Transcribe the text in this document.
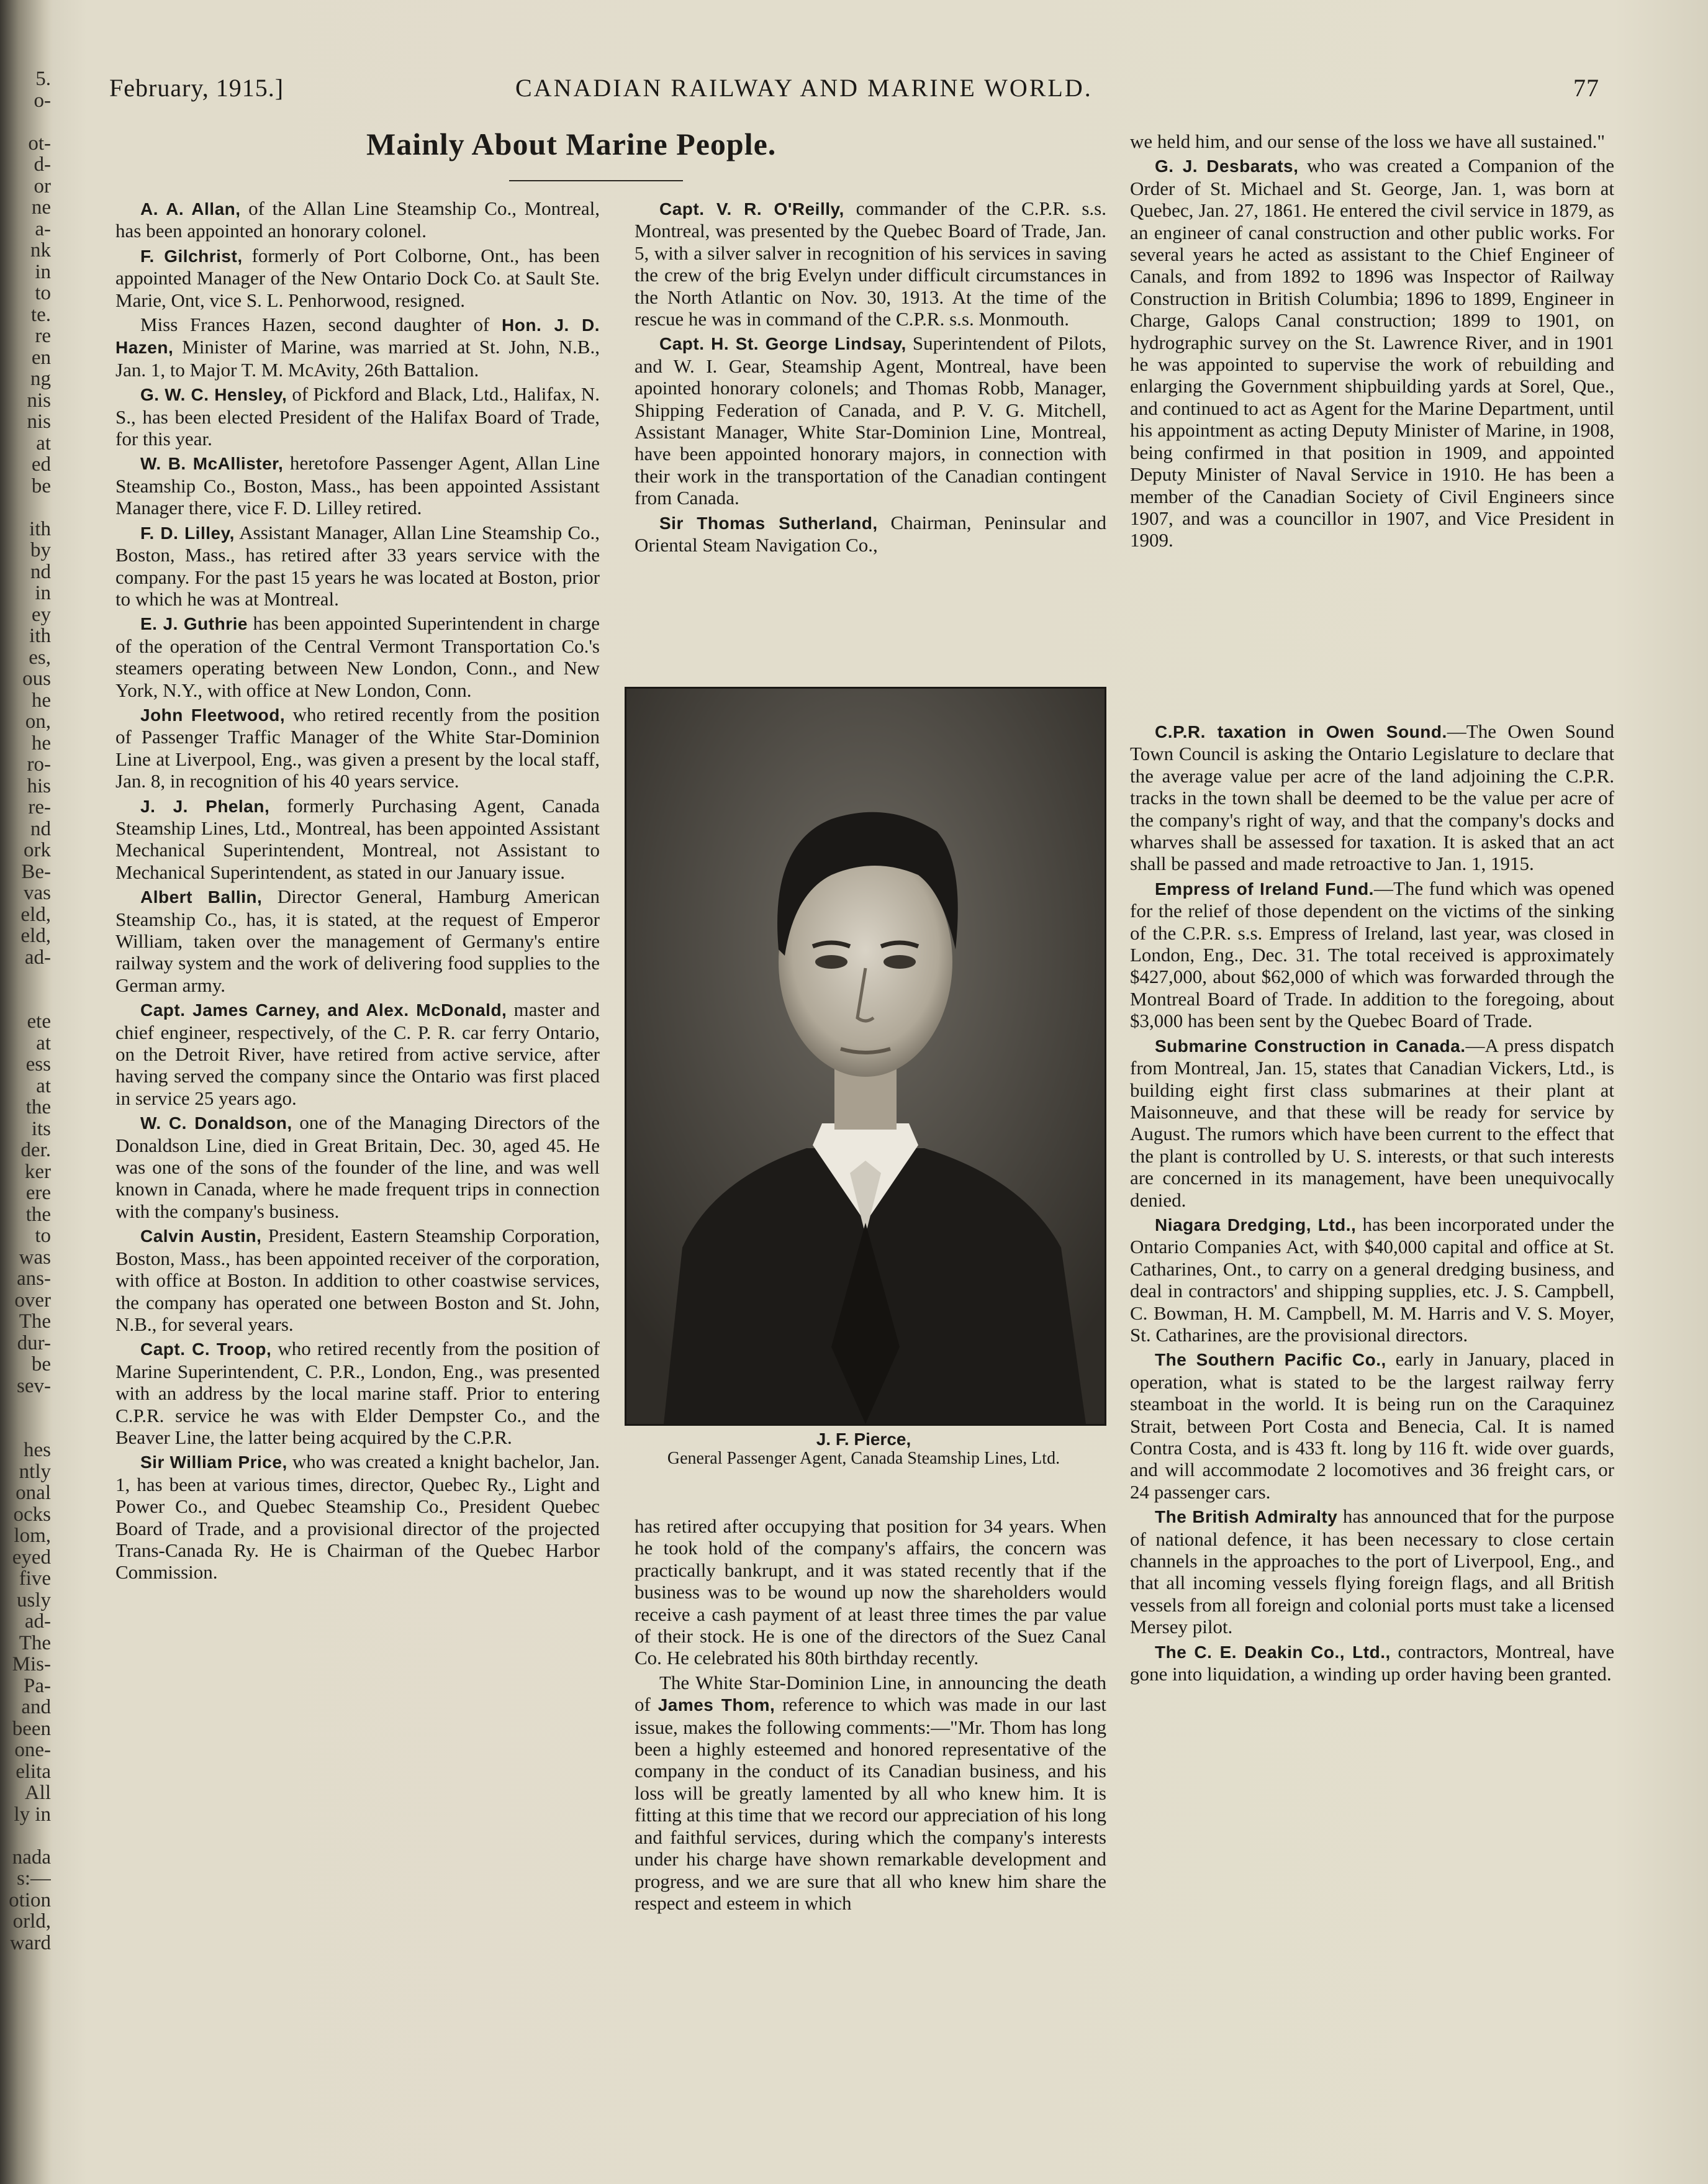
5.
o-
ot-
d-
or
ne
a-
nk
in
to
te.
re
en
ng
nis
nis
at
ed
be
ith
by
nd
in
ey
ith
es,
ous
he
on,
he
ro-
his
re-
nd
ork
Be-
vas
eld,
eld,
ad-
ete
at
ess
at
the
its
der.
ker
ere
the
to
was
ans-
over
The
dur-
be
sev-
hes
ntly
onal
ocks
lom,
eyed
five
usly
ad-
The
Mis-
Pa-
and
been
one-
elita
All
ly in
nada
s:—
otion
orld,
ward
February, 1915.]	CANADIAN RAILWAY AND MARINE WORLD.	77
Mainly About Marine People.

A. A. Allan, of the Allan Line Steamship Co., Montreal, has been appointed an honorary colonel.

F. Gilchrist, formerly of Port Colborne, Ont., has been appointed Manager of the New Ontario Dock Co. at Sault Ste. Marie, Ont, vice S. L. Penhorwood, resigned.

Miss Frances Hazen, second daughter of Hon. J. D. Hazen, Minister of Marine, was married at St. John, N.B., Jan. 1, to Major T. M. McAvity, 26th Battalion.

G. W. C. Hensley, of Pickford and Black, Ltd., Halifax, N. S., has been elected President of the Halifax Board of Trade, for this year.

W. B. McAllister, heretofore Passenger Agent, Allan Line Steamship Co., Boston, Mass., has been appointed Assistant Manager there, vice F. D. Lilley retired.

F. D. Lilley, Assistant Manager, Allan Line Steamship Co., Boston, Mass., has retired after 33 years service with the company. For the past 15 years he was located at Boston, prior to which he was at Montreal.

E. J. Guthrie has been appointed Superintendent in charge of the operation of the Central Vermont Transportation Co.'s steamers operating between New London, Conn., and New York, N.Y., with office at New London, Conn.

John Fleetwood, who retired recently from the position of Passenger Traffic Manager of the White Star-Dominion Line at Liverpool, Eng., was given a present by the local staff, Jan. 8, in recognition of his 40 years service.

J. J. Phelan, formerly Purchasing Agent, Canada Steamship Lines, Ltd., Montreal, has been appointed Assistant Mechanical Superintendent, Montreal, not Assistant to Mechanical Superintendent, as stated in our January issue.

Albert Ballin, Director General, Hamburg American Steamship Co., has, it is stated, at the request of Emperor William, taken over the management of Germany's entire railway system and the work of delivering food supplies to the German army.

Capt. James Carney, and Alex. McDonald, master and chief engineer, respectively, of the C. P. R. car ferry Ontario, on the Detroit River, have retired from active service, after having served the company since the Ontario was first placed in service 25 years ago.

W. C. Donaldson, one of the Managing Directors of the Donaldson Line, died in Great Britain, Dec. 30, aged 45. He was one of the sons of the founder of the line, and was well known in Canada, where he made frequent trips in connection with the company's business.

Calvin Austin, President, Eastern Steamship Corporation, Boston, Mass., has been appointed receiver of the corporation, with office at Boston. In addition to other coastwise services, the company has operated one between Boston and St. John, N.B., for several years.

Capt. C. Troop, who retired recently from the position of Marine Superintendent, C. P.R., London, Eng., was presented with an address by the local marine staff. Prior to entering C.P.R. service he was with Elder Dempster Co., and the Beaver Line, the latter being acquired by the C.P.R.

Sir William Price, who was created a knight bachelor, Jan. 1, has been at various times, director, Quebec Ry., Light and Power Co., and Quebec Steamship Co., President Quebec Board of Trade, and a provisional director of the projected Trans-Canada Ry. He is Chairman of the Quebec Harbor Commission.

Capt. V. R. O'Reilly, commander of the C.P.R. s.s. Montreal, was presented by the Quebec Board of Trade, Jan. 5, with a silver salver in recognition of his services in saving the crew of the brig Evelyn under difficult circumstances in the North Atlantic on Nov. 30, 1913. At the time of the rescue he was in command of the C.P.R. s.s. Monmouth.

Capt. H. St. George Lindsay, Superintendent of Pilots, and W. I. Gear, Steamship Agent, Montreal, have been apointed honorary colonels; and Thomas Robb, Manager, Shipping Federation of Canada, and P. V. G. Mitchell, Assistant Manager, White Star-Dominion Line, Montreal, have been appointed honorary majors, in connection with their work in the transportation of the Canadian contingent from Canada.

Sir Thomas Sutherland, Chairman, Peninsular and Oriental Steam Navigation Co.,

J. F. Pierce,
General Passenger Agent, Canada Steamship Lines, Ltd.

has retired after occupying that position for 34 years. When he took hold of the company's affairs, the concern was practically bankrupt, and it was stated recently that if the business was to be wound up now the shareholders would receive a cash payment of at least three times the par value of their stock. He is one of the directors of the Suez Canal Co. He celebrated his 80th birthday recently.

The White Star-Dominion Line, in announcing the death of James Thom, reference to which was made in our last issue, makes the following comments:—"Mr. Thom has long been a highly esteemed and honored representative of the company in the conduct of its Canadian business, and his loss will be greatly lamented by all who knew him. It is fitting at this time that we record our appreciation of his long and faithful services, during which the company's interests under his charge have shown remarkable development and progress, and we are sure that all who knew him share the respect and esteem in which

we held him, and our sense of the loss we have all sustained."

G. J. Desbarats, who was created a Companion of the Order of St. Michael and St. George, Jan. 1, was born at Quebec, Jan. 27, 1861. He entered the civil service in 1879, as an engineer of canal construction and other public works. For several years he acted as assistant to the Chief Engineer of Canals, and from 1892 to 1896 was Inspector of Railway Construction in British Columbia; 1896 to 1899, Engineer in Charge, Galops Canal construction; 1899 to 1901, on hydrographic survey on the St. Lawrence River, and in 1901 he was appointed to supervise the work of rebuilding and enlarging the Government shipbuilding yards at Sorel, Que., and continued to act as Agent for the Marine Department, until his appointment as acting Deputy Minister of Marine, in 1908, being confirmed in that position in 1909, and appointed Deputy Minister of Naval Service in 1910. He has been a member of the Canadian Society of Civil Engineers since 1907, and was a councillor in 1907, and Vice President in 1909.

C.P.R. taxation in Owen Sound.—The Owen Sound Town Council is asking the Ontario Legislature to declare that the average value per acre of the land adjoining the C.P.R. tracks in the town shall be deemed to be the value per acre of the company's right of way, and that the company's docks and wharves shall be assessed for taxation. It is asked that an act shall be passed and made retroactive to Jan. 1, 1915.

Empress of Ireland Fund.—The fund which was opened for the relief of those dependent on the victims of the sinking of the C.P.R. s.s. Empress of Ireland, last year, was closed in London, Eng., Dec. 31. The total received is approximately $427,000, about $62,000 of which was forwarded through the Montreal Board of Trade. In addition to the foregoing, about $3,000 has been sent by the Quebec Board of Trade.

Submarine Construction in Canada.—A press dispatch from Montreal, Jan. 15, states that Canadian Vickers, Ltd., is building eight first class submarines at their plant at Maisonneuve, and that these will be ready for service by August. The rumors which have been current to the effect that the plant is controlled by U. S. interests, or that such interests are concerned in its management, have been unequivocally denied.

Niagara Dredging, Ltd., has been incorporated under the Ontario Companies Act, with $40,000 capital and office at St. Catharines, Ont., to carry on a general dredging business, and deal in contractors' and shipping supplies, etc. J. S. Campbell, C. Bowman, H. M. Campbell, M. M. Harris and V. S. Moyer, St. Catharines, are the provisional directors.

The Southern Pacific Co., early in January, placed in operation, what is stated to be the largest railway ferry steamboat in the world. It is being run on the Caraquinez Strait, between Port Costa and Benecia, Cal. It is named Contra Costa, and is 433 ft. long by 116 ft. wide over guards, and will accommodate 2 locomotives and 36 freight cars, or 24 passenger cars.

The British Admiralty has announced that for the purpose of national defence, it has been necessary to close certain channels in the approaches to the port of Liverpool, Eng., and that all incoming vessels flying foreign flags, and all British vessels from all foreign and colonial ports must take a licensed Mersey pilot.

The C. E. Deakin Co., Ltd., contractors, Montreal, have gone into liquidation, a winding up order having been granted.
